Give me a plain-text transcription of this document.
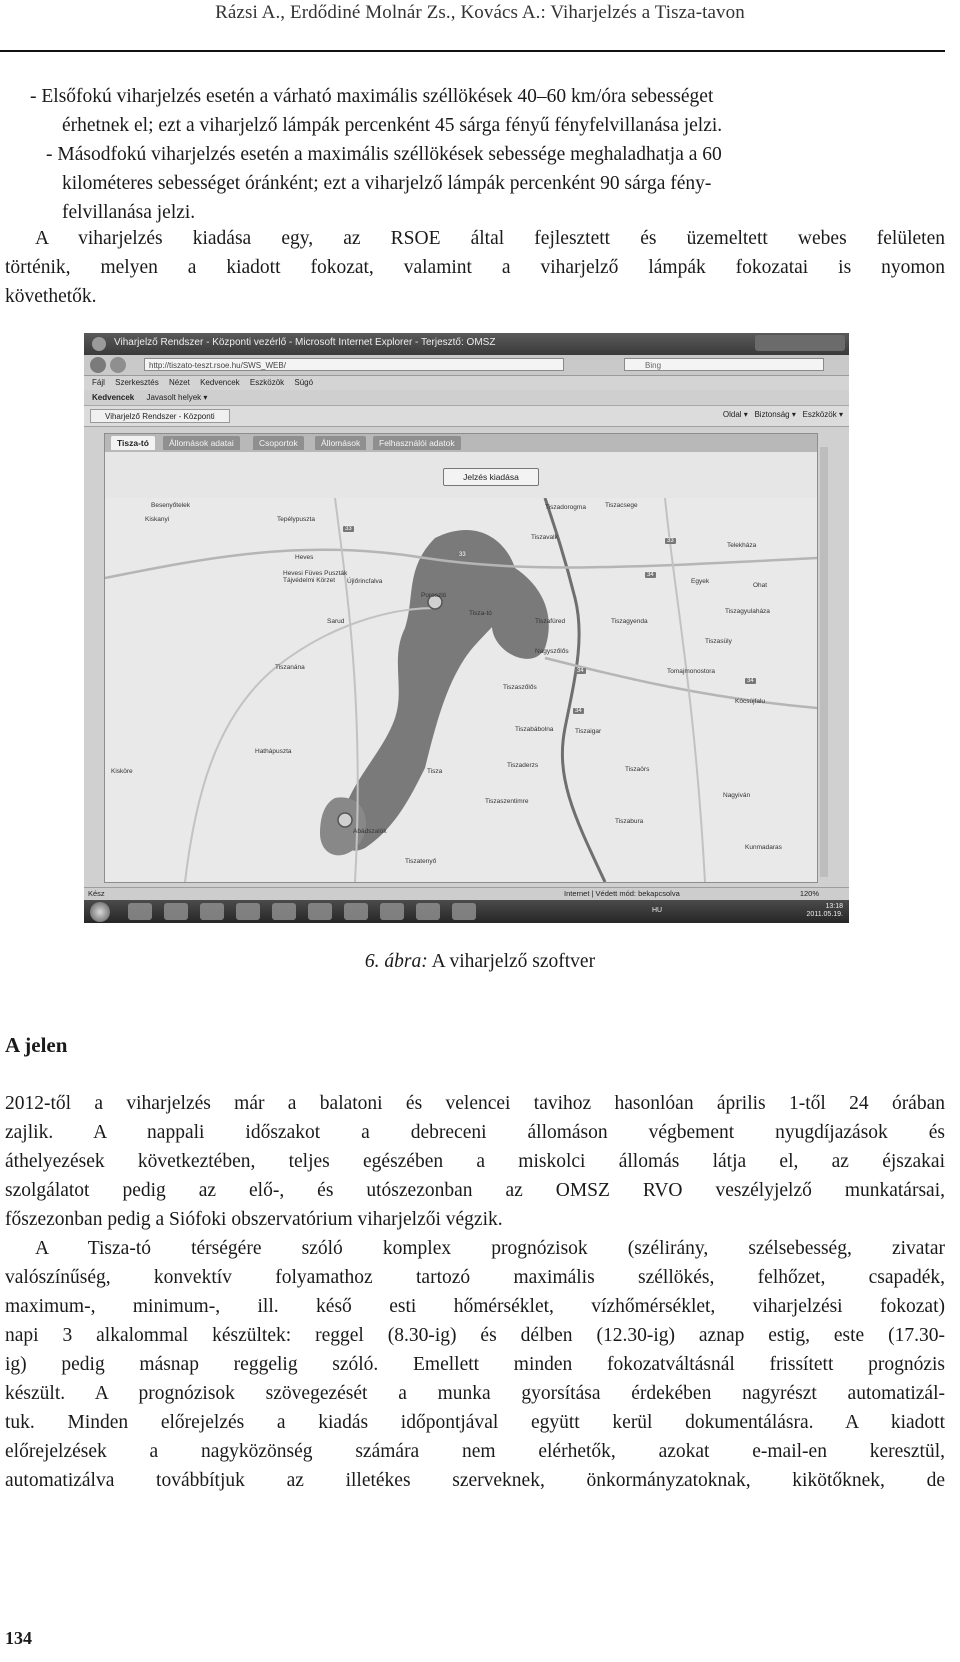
Rázsi A., Erdődiné Molnár Zs., Kovács A.: Viharjelzés a Tisza-tavon
- Elsőfokú viharjelzés esetén a várható maximális széllökések 40–60 km/óra sebességet
érhetnek el; ezt a viharjelző lámpák percenként 45 sárga fényű fényfelvillanása jelzi.
- Másodfokú viharjelzés esetén a maximális széllökések sebessége meghaladhatja a 60
kilométeres sebességet óránként; ezt a viharjelző lámpák percenként 90 sárga fény-
felvillanása jelzi.
A viharjelzés kiadása egy, az RSOE által fejlesztett és üzemeltett webes felületen
történik, melyen a kiadott fokozat, valamint a viharjelző lámpák fokozatai is nyomon
követhetők.
Viharjelző Rendszer - Központi vezérlő - Microsoft Internet Explorer - Terjesztő: OMSZ
http://tiszato-teszt.rsoe.hu/SWS_WEB/	Bing
Fájl Szerkesztés Nézet Kedvencek Eszközök Súgó
Kedvencek Javasolt helyek ▾
Viharjelző Rendszer - Központi	Oldal ▾ Biztonság ▾ Eszközök ▾
Tisza-tó	Állomások adatai	Csoportok	Állomások	Felhasználói adatok
Jelzés kiadása
Besenyőtelek
Kisköre
Tiszanána
Sarud
Poroszló
Újlőrincfalva
Tiszafüred
Tiszaörs
Tiszaderzs
Tiszaszentimre
Abádszalók
Tiszaszőlős
Nagyiván
Tiszagyenda
Egyek
Telekháza
Tiszacsege
Tiszadorogma
Kócsújfalu
Tomajmonostora
Tiszabura
Heves
Tiszagyulaháza
Tiszasüly
Ohat
Nagyszőlős
Tiszabábolna	Tiszaigar
Tiszavalk
Tepélypuszta
Kiskanyi
Hevesi Füves Puszták Tájvédelmi Körzet
Hathápuszta
Tisza
Tisza-tó
Kunmadaras
Tiszatenyő
33
33
34
34
34
33
34
Kész	Internet | Védett mód: bekapcsolva	120%
HU
13:18
2011.05.19.
6. ábra: A viharjelző szoftver
A jelen
2012-től a viharjelzés már a balatoni és velencei tavihoz hasonlóan április 1-től 24 órában
zajlik. A nappali időszakot a debreceni állomáson végbement nyugdíjazások és
áthelyezések következtében, teljes egészében a miskolci állomás látja el, az éjszakai
szolgálatot pedig az elő-, és utószezonban az OMSZ RVO veszélyjelző munkatársai,
főszezonban pedig a Siófoki obszervatórium viharjelzői végzik.
A Tisza-tó térségére szóló komplex prognózisok (szélirány, szélsebesség, zivatar
valószínűség, konvektív folyamathoz tartozó maximális széllökés, felhőzet, csapadék,
maximum-, minimum-, ill. késő esti hőmérséklet, vízhőmérséklet, viharjelzési fokozat)
napi 3 alkalommal készültek: reggel (8.30-ig) és délben (12.30-ig) aznap estig, este (17.30-
ig) pedig másnap reggelig szóló. Emellett minden fokozatváltásnál frissített prognózis
készült. A prognózisok szövegezését a munka gyorsítása érdekében nagyrészt automatizál-
tuk. Minden előrejelzés a kiadás időpontjával együtt kerül dokumentálásra. A kiadott
előrejelzések a nagyközönség számára nem elérhetők, azokat e-mail-en keresztül,
automatizálva továbbítjuk az illetékes szerveknek, önkormányzatoknak, kikötőknek, de
134
